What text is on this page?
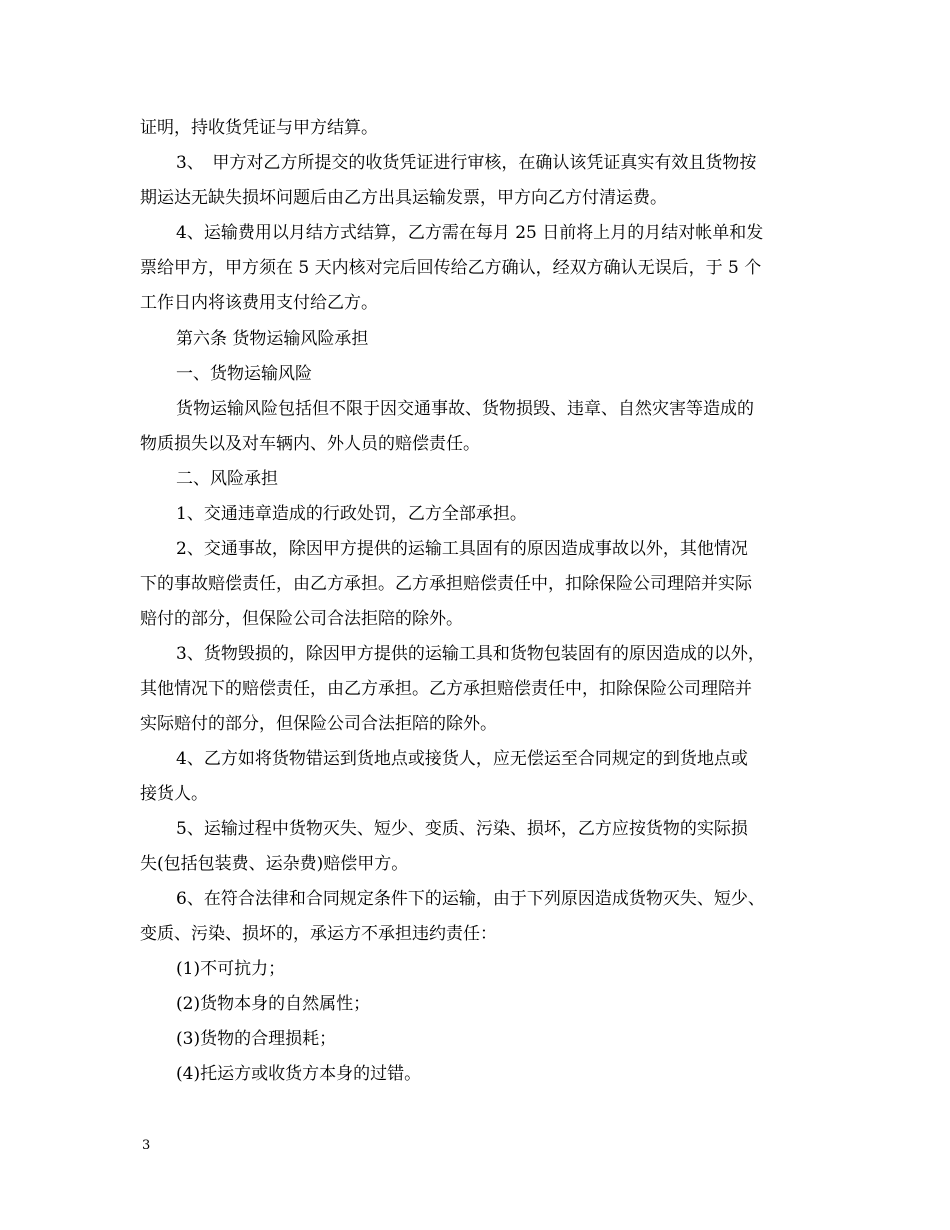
证明，持收货凭证与甲方结算。
3、　甲方对乙方所提交的收货凭证进行审核，在确认该凭证真实有效且货物按
期运达无缺失损坏问题后由乙方出具运输发票，甲方向乙方付清运费。
4、运输费用以月结方式结算，乙方需在每月 25 日前将上月的月结对帐单和发
票给甲方，甲方须在 5 天内核对完后回传给乙方确认，经双方确认无误后，于 5 个
工作日内将该费用支付给乙方。
第六条 货物运输风险承担
一、货物运输风险
货物运输风险包括但不限于因交通事故、货物损毁、违章、自然灾害等造成的
物质损失以及对车辆内、外人员的赔偿责任。
二、风险承担
1、交通违章造成的行政处罚，乙方全部承担。
2、交通事故，除因甲方提供的运输工具固有的原因造成事故以外，其他情况
下的事故赔偿责任，由乙方承担。乙方承担赔偿责任中，扣除保险公司理陪并实际
赔付的部分，但保险公司合法拒陪的除外。
3、货物毁损的，除因甲方提供的运输工具和货物包装固有的原因造成的以外，
其他情况下的赔偿责任，由乙方承担。乙方承担赔偿责任中，扣除保险公司理陪并
实际赔付的部分，但保险公司合法拒陪的除外。
4、乙方如将货物错运到货地点或接货人，应无偿运至合同规定的到货地点或
接货人。
5、运输过程中货物灭失、短少、变质、污染、损坏，乙方应按货物的实际损
失(包括包装费、运杂费)赔偿甲方。
6、在符合法律和合同规定条件下的运输，由于下列原因造成货物灭失、短少、
变质、污染、损坏的，承运方不承担违约责任：
(1)不可抗力；
(2)货物本身的自然属性；
(3)货物的合理损耗；
(4)托运方或收货方本身的过错。
3
